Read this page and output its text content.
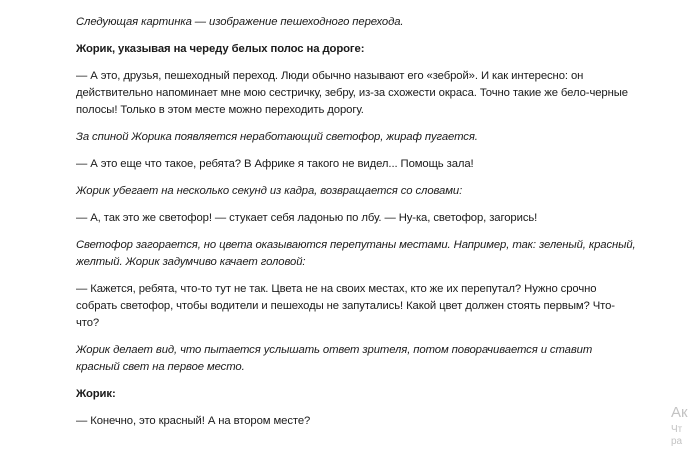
Следующая картинка — изображение пешеходного перехода.

Жорик, указывая на череду белых полос на дороге:

— А это, друзья, пешеходный переход. Люди обычно называют его «зеброй». И как интересно: он действительно напоминает мне мою сестричку, зебру, из-за схожести окраса. Точно такие же бело-черные полосы! Только в этом месте можно переходить дорогу.

За спиной Жорика появляется неработающий светофор, жираф пугается.

— А это еще что такое, ребята? В Африке я такого не видел... Помощь зала!

Жорик убегает на несколько секунд из кадра, возвращается со словами:

— А, так это же светофор! — стукает себя ладонью по лбу. — Ну-ка, светофор, загорись!

Светофор загорается, но цвета оказываются перепутаны местами. Например, так: зеленый, красный, желтый. Жорик задумчиво качает головой:

— Кажется, ребята, что-то тут не так. Цвета не на своих местах, кто же их перепутал? Нужно срочно собрать светофор, чтобы водители и пешеходы не запутались! Какой цвет должен стоять первым? Что-что?

Жорик делает вид, что пытается услышать ответ зрителя, потом поворачивается и ставит красный свет на первое место.

Жорик:

— Конечно, это красный! А на втором месте?	Ак
Чт
ра
